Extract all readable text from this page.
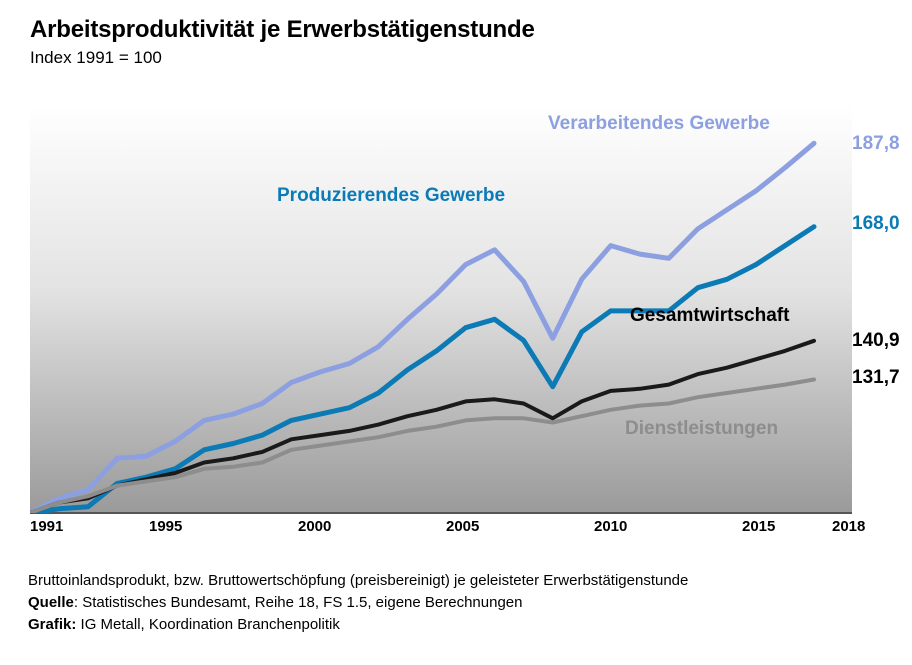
Arbeitsproduktivität je Erwerbstätigenstunde
Index 1991 = 100
Verarbeitendes Gewerbe
Produzierendes Gewerbe
Gesamtwirtschaft
Dienstleistungen
187,8
168,0
140,9
131,7
1991	1995	2000	2005	2010	2015	2018
Bruttoinlandsprodukt, bzw. Bruttowertschöpfung (preisbereinigt) je geleisteter Erwerbstätigenstunde
Quelle: Statistisches Bundesamt, Reihe 18, FS 1.5, eigene Berechnungen
Grafik: IG Metall, Koordination Branchenpolitik
